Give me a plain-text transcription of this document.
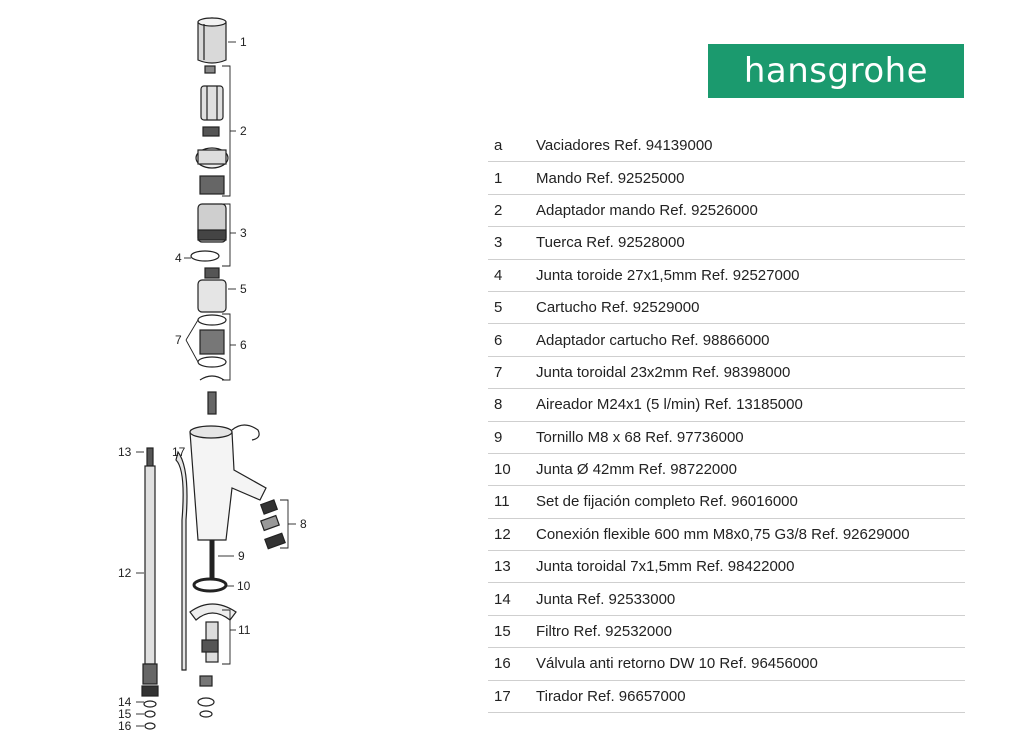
1
2
3
4
5
6
7
8
9
10
11
12
13
14
15
16
17
hansgrohe
a	Vaciadores Ref. 94139000
1	Mando Ref. 92525000
2	Adaptador mando Ref. 92526000
3	Tuerca Ref. 92528000
4	Junta toroide 27x1,5mm Ref. 92527000
5	Cartucho Ref. 92529000
6	Adaptador cartucho Ref. 98866000
7	Junta toroidal 23x2mm Ref. 98398000
8	Aireador M24x1 (5 l/min) Ref. 13185000
9	Tornillo M8 x 68 Ref. 97736000
10	Junta Ø 42mm Ref. 98722000
11	Set de fijación completo Ref. 96016000
12	Conexión flexible 600 mm M8x0,75 G3/8 Ref. 92629000
13	Junta toroidal 7x1,5mm Ref. 98422000
14	Junta Ref. 92533000
15	Filtro Ref. 92532000
16	Válvula anti retorno DW 10 Ref. 96456000
17	Tirador Ref. 96657000
